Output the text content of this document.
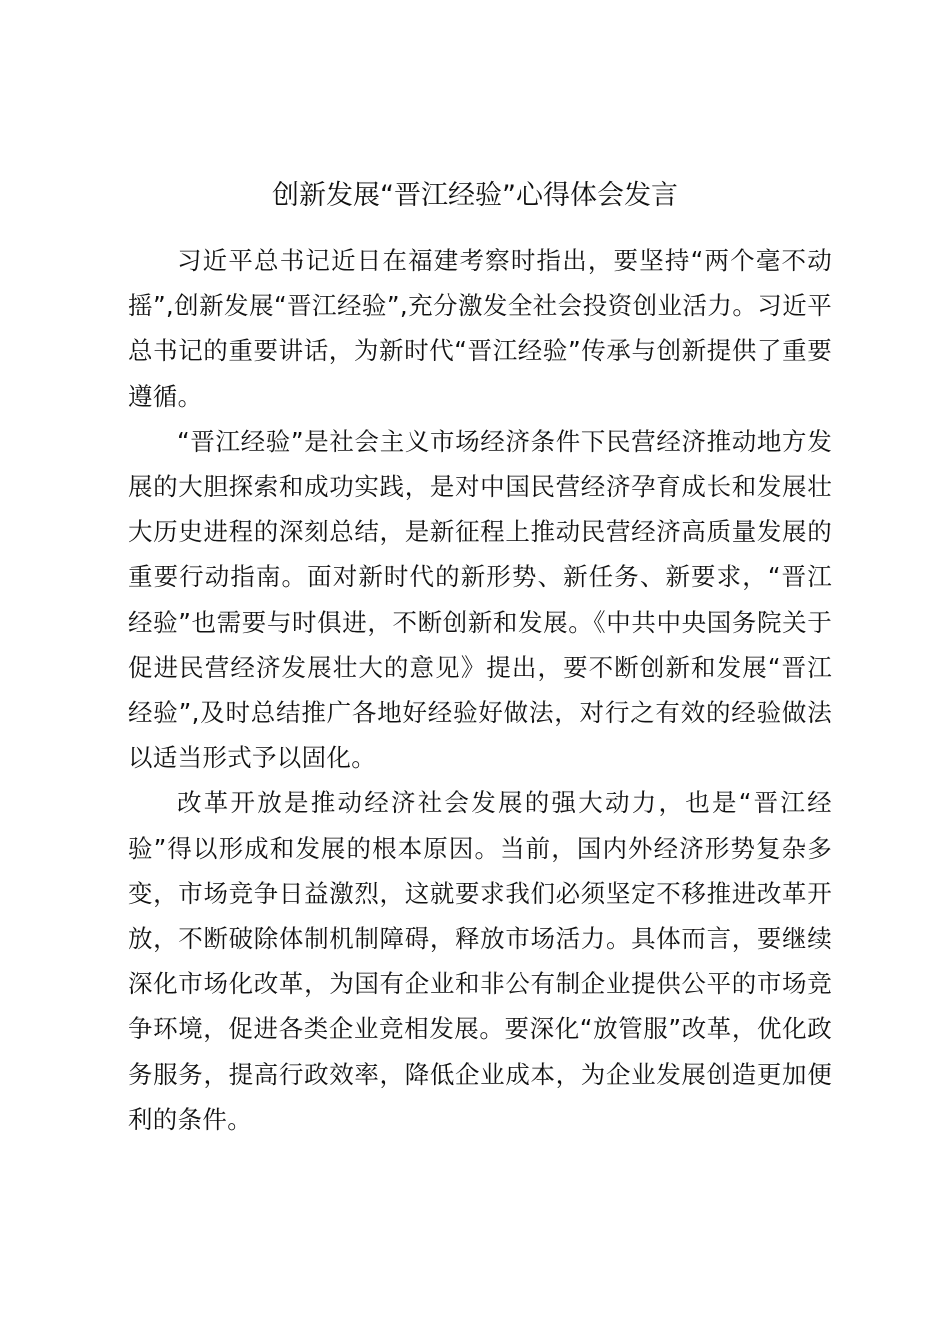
创新发展“晋江经验”心得体会发言

习近平总书记近日在福建考察时指出，要坚持“两个毫不动摇”,创新发展“晋江经验”,充分激发全社会投资创业活力。习近平总书记的重要讲话，为新时代“晋江经验”传承与创新提供了重要遵循。

“晋江经验”是社会主义市场经济条件下民营经济推动地方发展的大胆探索和成功实践，是对中国民营经济孕育成长和发展壮大历史进程的深刻总结，是新征程上推动民营经济高质量发展的重要行动指南。面对新时代的新形势、新任务、新要求，“晋江经验”也需要与时俱进，不断创新和发展。《中共中央国务院关于促进民营经济发展壮大的意见》提出，要不断创新和发展“晋江经验”,及时总结推广各地好经验好做法，对行之有效的经验做法以适当形式予以固化。

改革开放是推动经济社会发展的强大动力，也是“晋江经验”得以形成和发展的根本原因。当前，国内外经济形势复杂多变，市场竞争日益激烈，这就要求我们必须坚定不移推进改革开放，不断破除体制机制障碍，释放市场活力。具体而言，要继续深化市场化改革，为国有企业和非公有制企业提供公平的市场竞争环境，促进各类企业竞相发展。要深化“放管服”改革，优化政务服务，提高行政效率，降低企业成本，为企业发展创造更加便利的条件。
